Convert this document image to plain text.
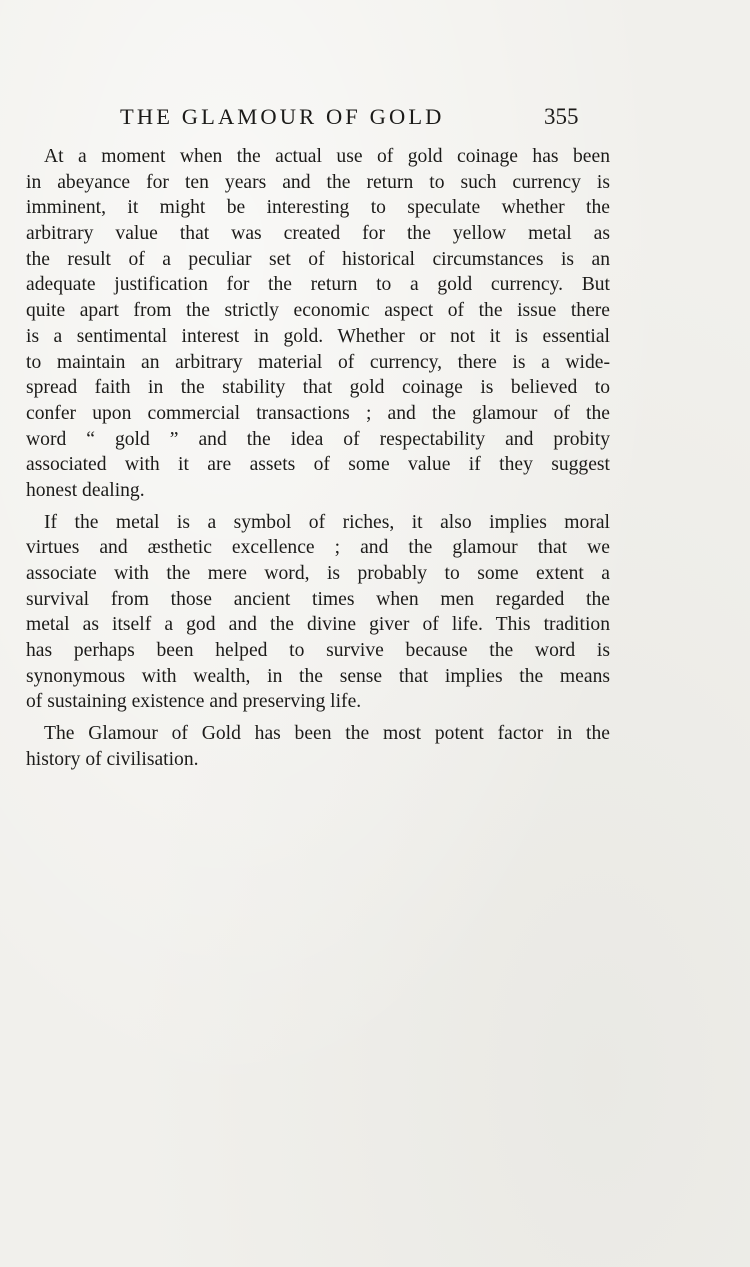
THE GLAMOUR OF GOLD	355

At a moment when the actual use of gold coinage has been
in abeyance for ten years and the return to such currency is
imminent, it might be interesting to speculate whether the
arbitrary value that was created for the yellow metal as
the result of a peculiar set of historical circumstances is an
adequate justification for the return to a gold currency. But
quite apart from the strictly economic aspect of the issue there
is a sentimental interest in gold. Whether or not it is essential
to maintain an arbitrary material of currency, there is a wide-
spread faith in the stability that gold coinage is believed to
confer upon commercial transactions ; and the glamour of the
word “ gold ” and the idea of respectability and probity
associated with it are assets of some value if they suggest
honest dealing.

If the metal is a symbol of riches, it also implies moral
virtues and æsthetic excellence ; and the glamour that we
associate with the mere word, is probably to some extent a
survival from those ancient times when men regarded the
metal as itself a god and the divine giver of life. This tradition
has perhaps been helped to survive because the word is
synonymous with wealth, in the sense that implies the means
of sustaining existence and preserving life.

The Glamour of Gold has been the most potent factor in the
history of civilisation.
